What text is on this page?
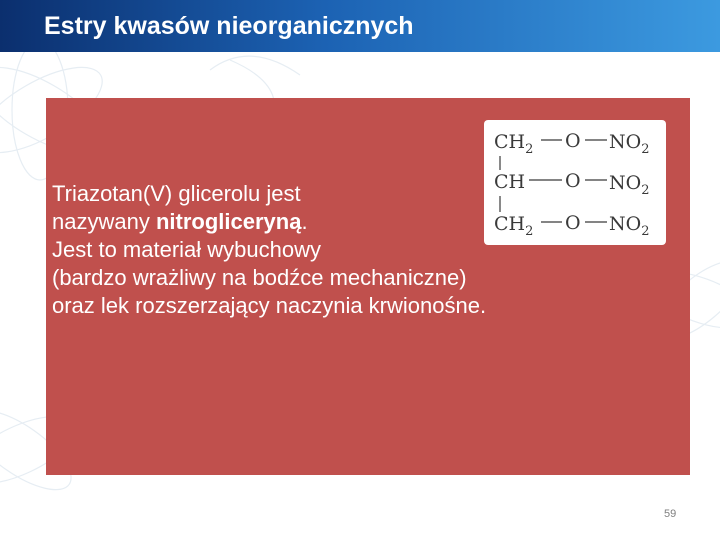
Estry kwasów nieorganicznych
$CH_2$ O $NO_2$
CH O $NO_2$
$CH_2$ O $NO_2$
Triazotan(V) glicerolu jest
nazywany nitrogliceryną.
Jest to materiał wybuchowy
(bardzo wrażliwy na bodźce mechaniczne)
oraz lek rozszerzający naczynia krwionośne.
59
